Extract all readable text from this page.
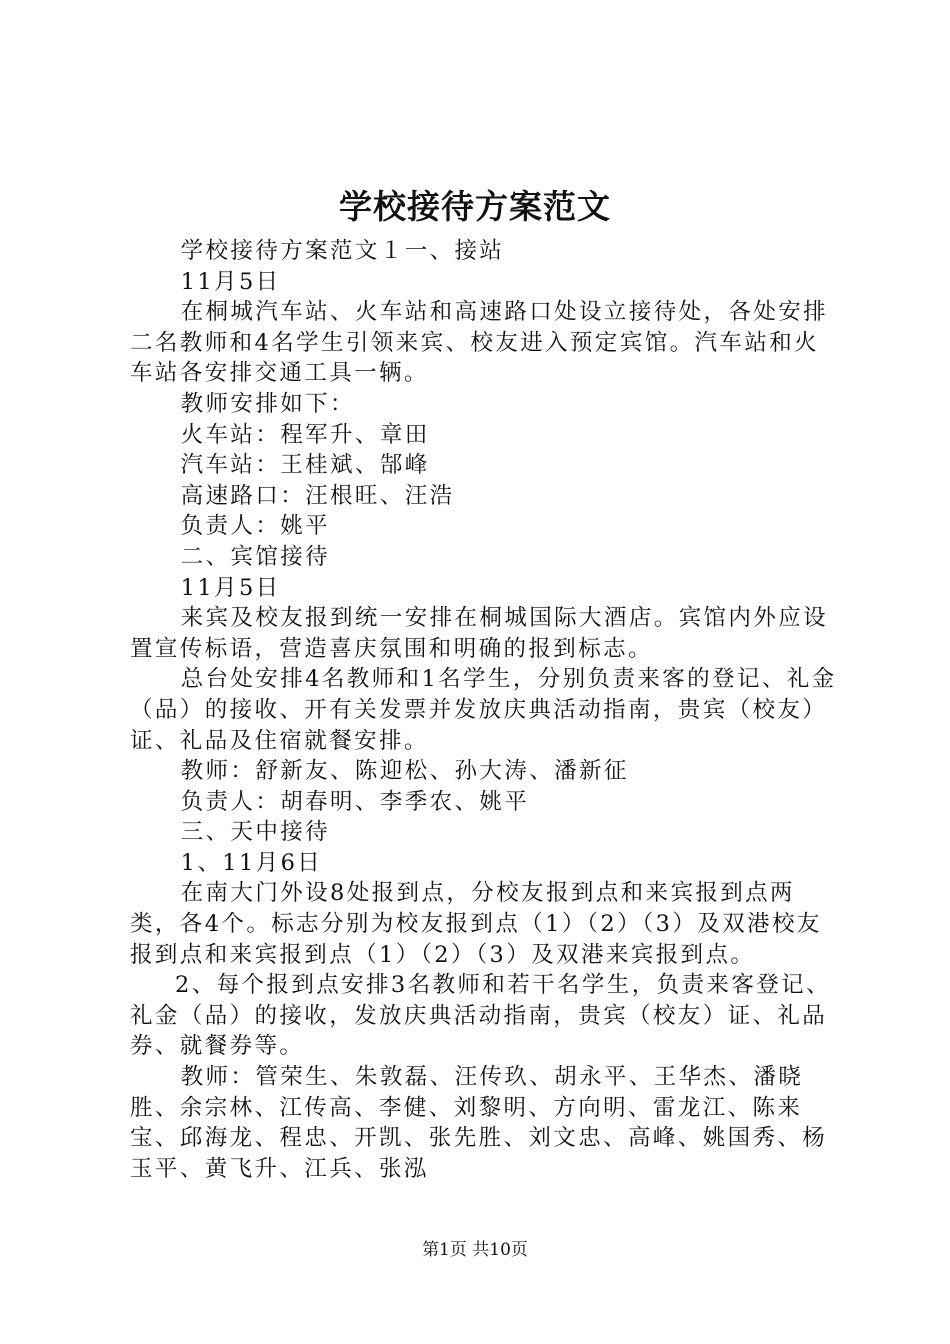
学校接待方案范文

学校接待方案范文１一、接站

11月5日

在桐城汽车站、火车站和高速路口处设立接待处，各处安排二名教师和4名学生引领来宾、校友进入预定宾馆。汽车站和火车站各安排交通工具一辆。

教师安排如下：

火车站：程军升、章田

汽车站：王桂斌、郜峰

高速路口：汪根旺、汪浩

负责人：姚平

二、宾馆接待

11月5日

来宾及校友报到统一安排在桐城国际大酒店。宾馆内外应设置宣传标语，营造喜庆氛围和明确的报到标志。

总台处安排4名教师和1名学生，分别负责来客的登记、礼金（品）的接收、开有关发票并发放庆典活动指南，贵宾（校友）证、礼品及住宿就餐安排。

教师：舒新友、陈迎松、孙大涛、潘新征

负责人：胡春明、李季农、姚平

三、天中接待

1、11月6日

在南大门外设8处报到点，分校友报到点和来宾报到点两类，各4个。标志分别为校友报到点（1）（2）（3）及双港校友报到点和来宾报到点（1）（2）（3）及双港来宾报到点。

2、每个报到点安排3名教师和若干名学生，负责来客登记、礼金（品）的接收，发放庆典活动指南，贵宾（校友）证、礼品券、就餐券等。

教师：管荣生、朱敦磊、汪传玖、胡永平、王华杰、潘晓胜、余宗林、江传高、李健、刘黎明、方向明、雷龙江、陈来宝、邱海龙、程忠、开凯、张先胜、刘文忠、高峰、姚国秀、杨玉平、黄飞升、江兵、张泓

第1页 共10页
